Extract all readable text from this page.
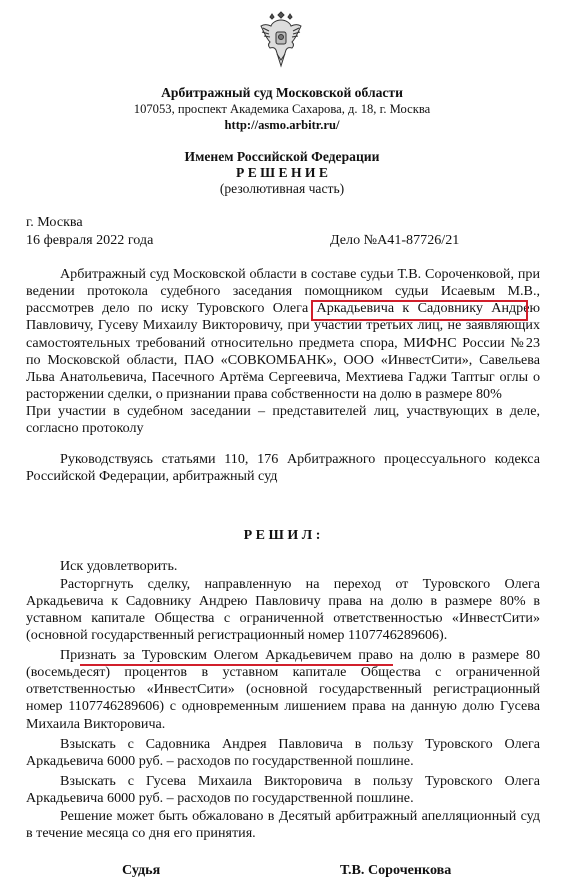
Арбитражный суд Московской области
107053, проспект Академика Сахарова, д. 18, г. Москва
http://asmo.arbitr.ru/
Именем Российской Федерации
Р Е Ш Е Н И Е
(резолютивная часть)
г. Москва
16 февраля 2022 года	Дело №А41-87726/21
Арбитражный суд Московской области в составе судьи Т.В. Сороченковой, при ведении протокола судебного заседания помощником судьи Исаевым М.В., рассмотрев дело по иску Туровского Олега Аркадьевича к Садовнику Андрею Павловичу, Гусеву Михаилу Викторовичу, при участии третьих лиц, не заявляющих самостоятельных требований относительно предмета спора, МИФНС России №23 по Московской области, ПАО «СОВКОМБАНК», ООО «ИнвестСити», Савельева Льва Анатольевича, Пасечного Артёма Сергеевича, Мехтиева Гаджи Таптыг оглы о расторжении сделки, о признании права собственности на долю в размере 80%
При участии в судебном заседании – представителей лиц, участвующих в деле, согласно протоколу
Руководствуясь статьями 110, 176 Арбитражного процессуального кодекса Российской Федерации, арбитражный суд
Р Е Ш И Л :
Иск удовлетворить.
Расторгнуть сделку, направленную на переход от Туровского Олега Аркадьевича к Садовнику Андрею Павловичу права на долю в размере 80% в уставном капитале Общества с ограниченной ответственностью «ИнвестСити» (основной государственный регистрационный номер 1107746289606).
Признать за Туровским Олегом Аркадьевичем право на долю в размере 80 (восемьдесят) процентов в уставном капитале Общества с ограниченной ответственностью «ИнвестСити» (основной государственный регистрационный номер 1107746289606) с одновременным лишением права на данную долю Гусева Михаила Викторовича.
Взыскать с Садовника Андрея Павловича в пользу Туровского Олега Аркадьевича 6000 руб. – расходов по государственной пошлине.
Взыскать с Гусева Михаила Викторовича в пользу Туровского Олега Аркадьевича 6000 руб. – расходов по государственной пошлине.
Решение может быть обжаловано в Десятый арбитражный апелляционный суд в течение месяца со дня его принятия.
Судья	Т.В. Сороченкова
